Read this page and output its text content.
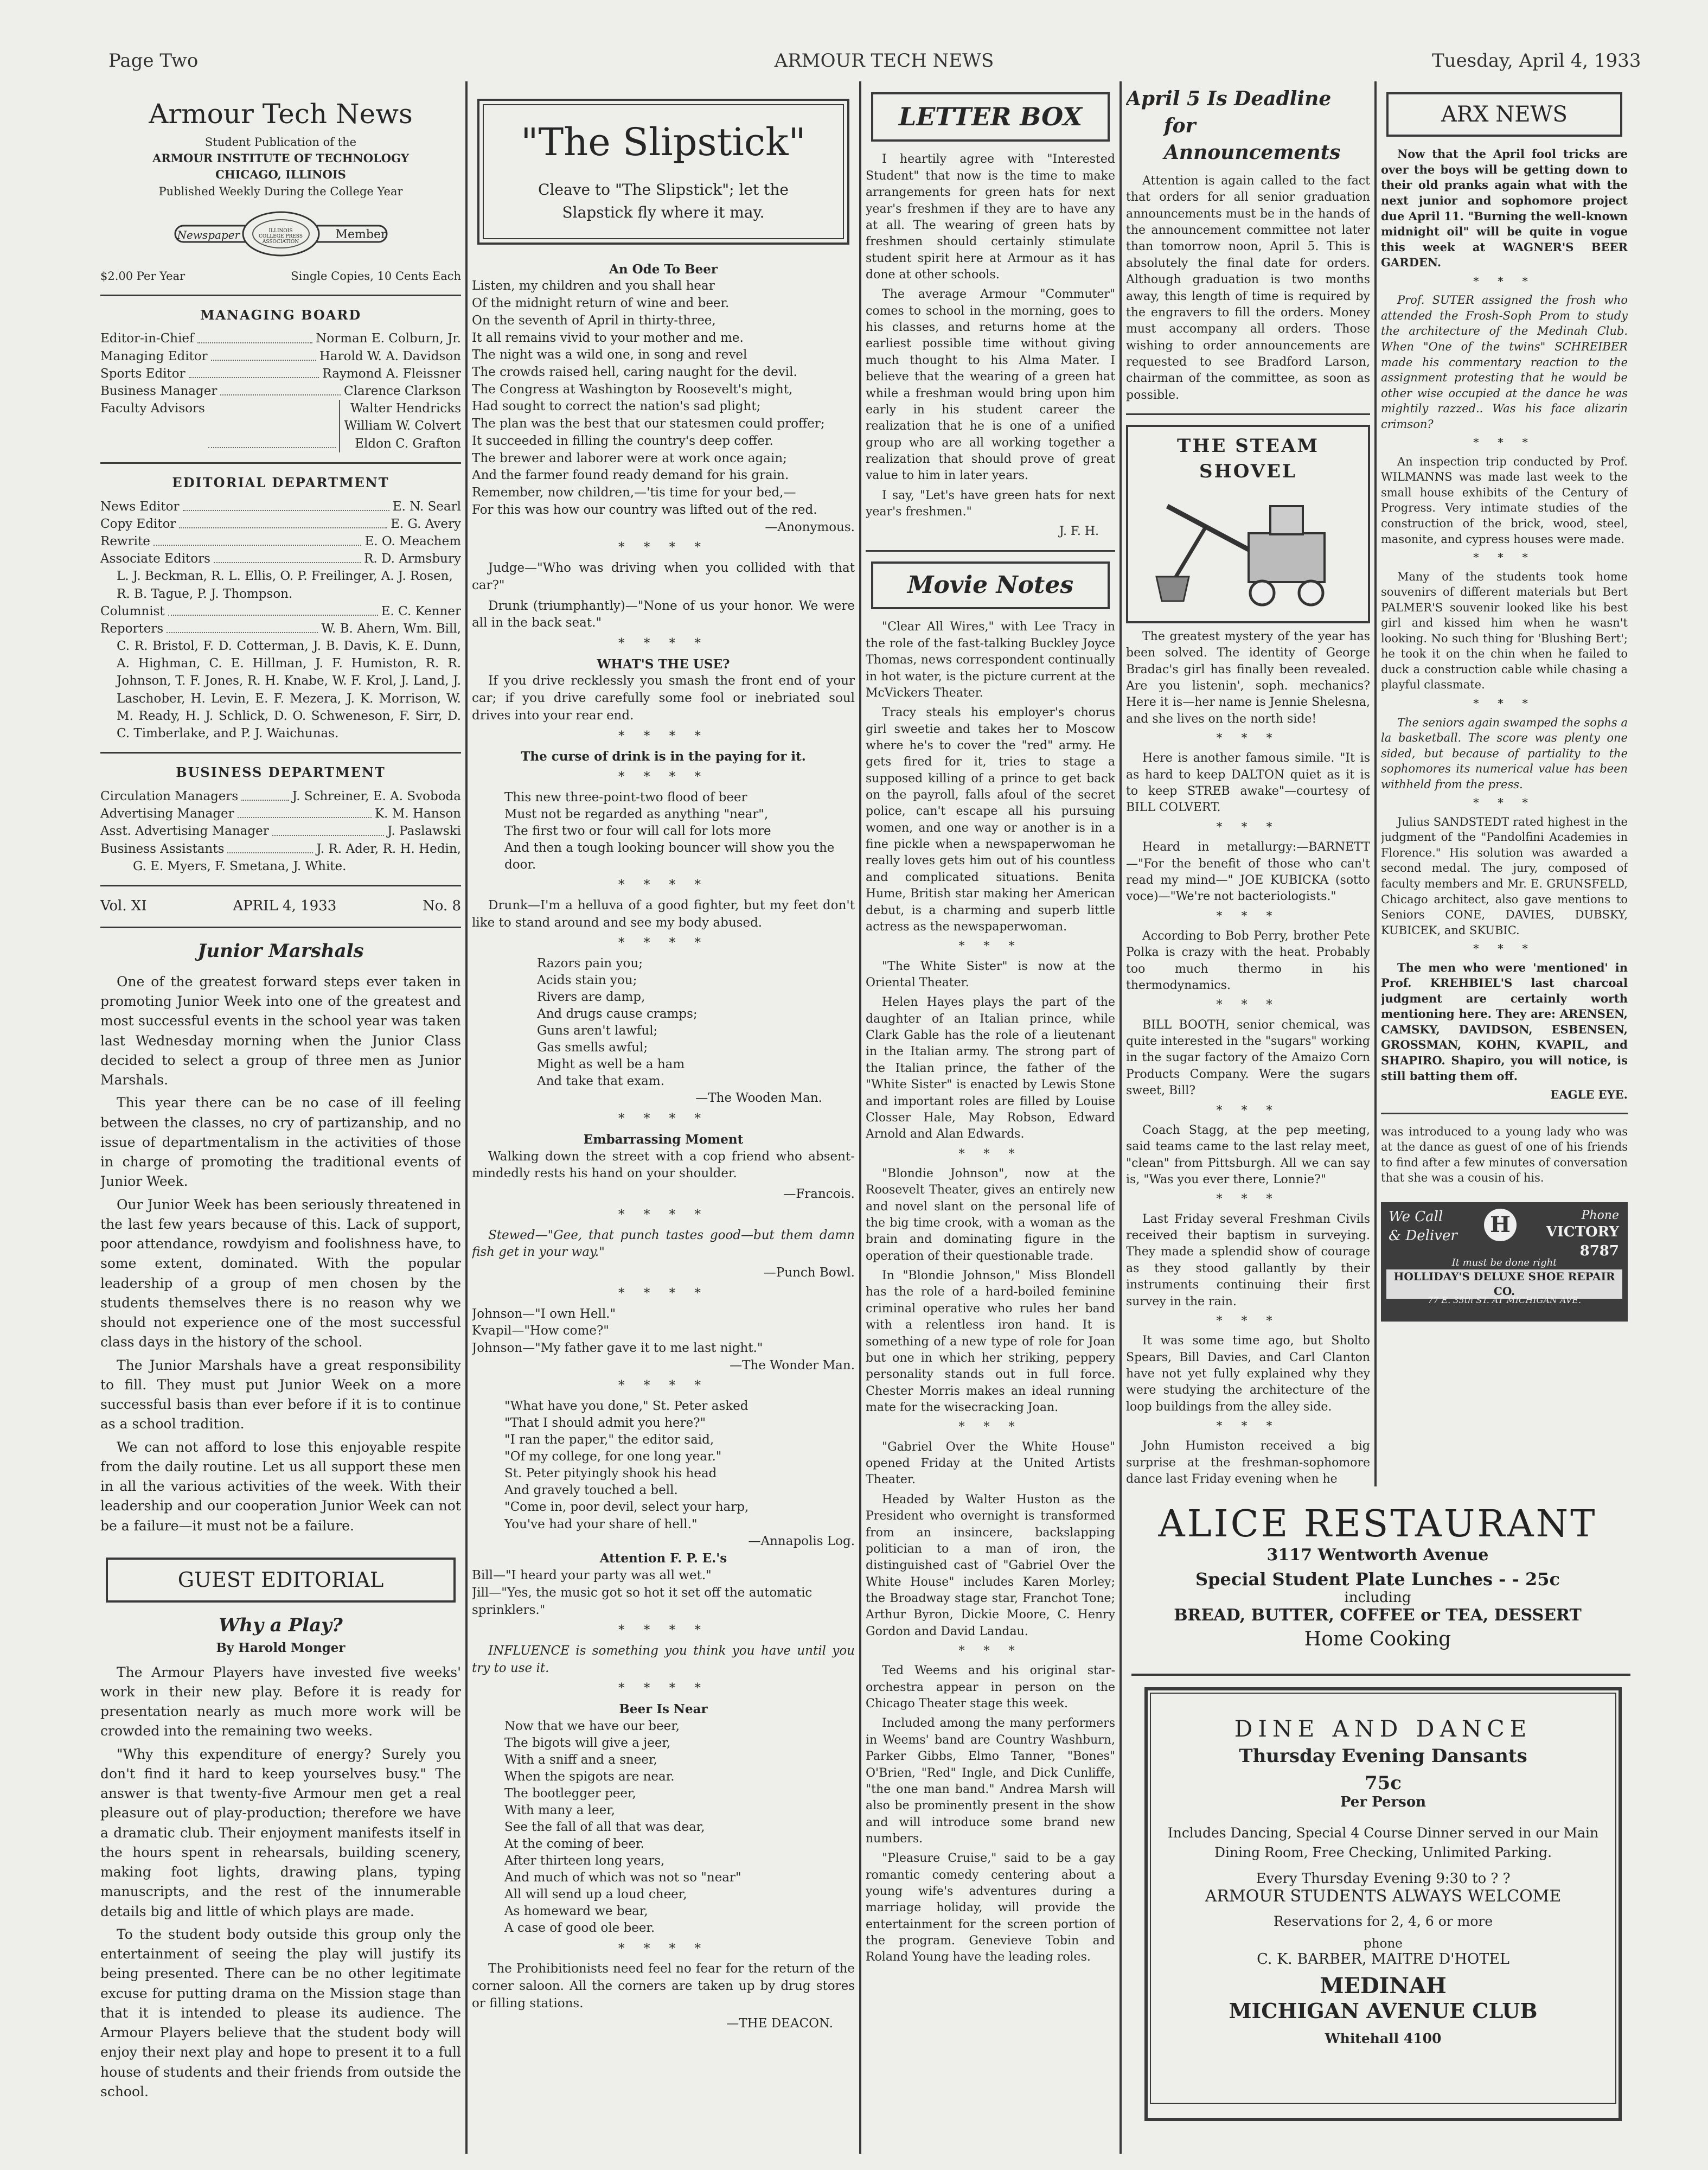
Page Two	ARMOUR TECH NEWS	Tuesday, April 4, 1933
Armour Tech News
Student Publication of the
ARMOUR INSTITUTE OF TECHNOLOGY
CHICAGO, ILLINOIS
Published Weekly During the College Year
Newspaper	Member
ILLINOIS COLLEGE PRESS ASSOCIATION
$2.00 Per Year	Single Copies, 10 Cents Each
MANAGING BOARD
Editor-in-Chief	Norman E. Colburn, Jr.
Managing Editor	Harold W. A. Davidson
Sports Editor	Raymond A. Fleissner
Business Manager	Clarence Clarkson
Faculty Advisors	Walter Hendricks
William W. Colvert
Eldon C. Grafton
EDITORIAL DEPARTMENT
News Editor	E. N. Searl
Copy Editor	E. G. Avery
Rewrite	E. O. Meachem
Associate Editors	R. D. Armsbury
L. J. Beckman, R. L. Ellis, O. P. Freilinger, A. J. Rosen, R. B. Tague, P. J. Thompson.
Columnist	E. C. Kenner
Reporters	W. B. Ahern, Wm. Bill,
C. R. Bristol, F. D. Cotterman, J. B. Davis, K. E. Dunn, A. Highman, C. E. Hillman, J. F. Humiston, R. R. Johnson, T. F. Jones, R. H. Knabe, W. F. Krol, J. Land, J. Laschober, H. Levin, E. F. Mezera, J. K. Morrison, W. M. Ready, H. J. Schlick, D. O. Schweneson, F. Sirr, D. C. Timberlake, and P. J. Waichunas.
BUSINESS DEPARTMENT
Circulation Managers	J. Schreiner, E. A. Svoboda
Advertising Manager	K. M. Hanson
Asst. Advertising Manager	J. Paslawski
Business Assistants	J. R. Ader, R. H. Hedin,
G. E. Myers, F. Smetana, J. White.
Vol. XI	APRIL 4, 1933	No. 8
Junior Marshals
One of the greatest forward steps ever taken in promoting Junior Week into one of the greatest and most successful events in the school year was taken last Wednesday morning when the Junior Class decided to select a group of three men as Junior Marshals.
This year there can be no case of ill feeling between the classes, no cry of partizanship, and no issue of departmentalism in the activities of those in charge of promoting the traditional events of Junior Week.
Our Junior Week has been seriously threatened in the last few years because of this. Lack of support, poor attendance, rowdyism and foolishness have, to some extent, dominated. With the popular leadership of a group of men chosen by the students themselves there is no reason why we should not experience one of the most successful class days in the history of the school.
The Junior Marshals have a great responsibility to fill. They must put Junior Week on a more successful basis than ever before if it is to continue as a school tradition.
We can not afford to lose this enjoyable respite from the daily routine. Let us all support these men in all the various activities of the week. With their leadership and our cooperation Junior Week can not be a failure—it must not be a failure.
GUEST EDITORIAL
Why a Play?
By Harold Monger
The Armour Players have invested five weeks' work in their new play. Before it is ready for presentation nearly as much more work will be crowded into the remaining two weeks.
"Why this expenditure of energy? Surely you don't find it hard to keep yourselves busy." The answer is that twenty-five Armour men get a real pleasure out of play-production; therefore we have a dramatic club. Their enjoyment manifests itself in the hours spent in rehearsals, building scenery, making foot lights, drawing plans, typing manuscripts, and the rest of the innumerable details big and little of which plays are made.
To the student body outside this group only the entertainment of seeing the play will justify its being presented. There can be no other legitimate excuse for putting drama on the Mission stage than that it is intended to please its audience. The Armour Players believe that the student body will enjoy their next play and hope to present it to a full house of students and their friends from outside the school.
"The Slipstick"
Cleave to "The Slipstick"; let the Slapstick fly where it may.
An Ode To Beer
Listen, my children and you shall hear
Of the midnight return of wine and beer.
On the seventh of April in thirty-three,
It all remains vivid to your mother and me.
The night was a wild one, in song and revel
The crowds raised hell, caring naught for the devil.
The Congress at Washington by Roosevelt's might,
Had sought to correct the nation's sad plight;
The plan was the best that our statesmen could proffer;
It succeeded in filling the country's deep coffer.
The brewer and laborer were at work once again;
And the farmer found ready demand for his grain.
Remember, now children,—'tis time for your bed,—
For this was how our country was lifted out of the red.
—Anonymous.
* * * *
Judge—"Who was driving when you collided with that car?"
Drunk (triumphantly)—"None of us your honor. We were all in the back seat."
* * * *
WHAT'S THE USE?
If you drive recklessly you smash the front end of your car; if you drive carefully some fool or inebriated soul drives into your rear end.
* * * *
The curse of drink is in the paying for it.
* * * *
This new three-point-two flood of beer
Must not be regarded as anything "near",
The first two or four will call for lots more
And then a tough looking bouncer will show you the door.
* * * *
Drunk—I'm a helluva of a good fighter, but my feet don't like to stand around and see my body abused.
* * * *
Razors pain you;
Acids stain you;
Rivers are damp,
And drugs cause cramps;
Guns aren't lawful;
Gas smells awful;
Might as well be a ham
And take that exam.
—The Wooden Man.
* * * *
Embarrassing Moment
Walking down the street with a cop friend who absent-mindedly rests his hand on your shoulder.
—Francois.
* * * *
Stewed—"Gee, that punch tastes good—but them damn fish get in your way."
—Punch Bowl.
* * * *
Johnson—"I own Hell."
Kvapil—"How come?"
Johnson—"My father gave it to me last night."
—The Wonder Man.
* * * *
"What have you done," St. Peter asked
"That I should admit you here?"
"I ran the paper," the editor said,
"Of my college, for one long year."
St. Peter pityingly shook his head
And gravely touched a bell.
"Come in, poor devil, select your harp,
You've had your share of hell."
—Annapolis Log.
Attention F. P. E.'s
Bill—"I heard your party was all wet."
Jill—"Yes, the music got so hot it set off the automatic sprinklers."
* * * *
INFLUENCE is something you think you have until you try to use it.
* * * *
Beer Is Near
Now that we have our beer,
The bigots will give a jeer,
With a sniff and a sneer,
When the spigots are near.
The bootlegger peer,
With many a leer,
See the fall of all that was dear,
At the coming of beer.
After thirteen long years,
And much of which was not so "near"
All will send up a loud cheer,
As homeward we bear,
A case of good ole beer.
* * * *
The Prohibitionists need feel no fear for the return of the corner saloon. All the corners are taken up by drug stores or filling stations.
—THE DEACON.
LETTER BOX
I heartily agree with "Interested Student" that now is the time to make arrangements for green hats for next year's freshmen if they are to have any at all. The wearing of green hats by freshmen should certainly stimulate student spirit here at Armour as it has done at other schools.
The average Armour "Commuter" comes to school in the morning, goes to his classes, and returns home at the earliest possible time without giving much thought to his Alma Mater. I believe that the wearing of a green hat while a freshman would bring upon him early in his student career the realization that he is one of a unified group who are all working together a realization that should prove of great value to him in later years.
I say, "Let's have green hats for next year's freshmen."
J. F. H.
Movie Notes
"Clear All Wires," with Lee Tracy in the role of the fast-talking Buckley Joyce Thomas, news correspondent continually in hot water, is the picture current at the McVickers Theater.
Tracy steals his employer's chorus girl sweetie and takes her to Moscow where he's to cover the "red" army. He gets fired for it, tries to stage a supposed killing of a prince to get back on the payroll, falls afoul of the secret police, can't escape all his pursuing women, and one way or another is in a fine pickle when a newspaperwoman he really loves gets him out of his countless and complicated situations. Benita Hume, British star making her American debut, is a charming and superb little actress as the newspaperwoman.
* * *
"The White Sister" is now at the Oriental Theater.
Helen Hayes plays the part of the daughter of an Italian prince, while Clark Gable has the role of a lieutenant in the Italian army. The strong part of the Italian prince, the father of the "White Sister" is enacted by Lewis Stone and important roles are filled by Louise Closser Hale, May Robson, Edward Arnold and Alan Edwards.
* * *
"Blondie Johnson", now at the Roosevelt Theater, gives an entirely new and novel slant on the personal life of the big time crook, with a woman as the brain and dominating figure in the operation of their questionable trade.
In "Blondie Johnson," Miss Blondell has the role of a hard-boiled feminine criminal operative who rules her band with a relentless iron hand. It is something of a new type of role for Joan but one in which her striking, peppery personality stands out in full force. Chester Morris makes an ideal running mate for the wisecracking Joan.
* * *
"Gabriel Over the White House" opened Friday at the United Artists Theater.
Headed by Walter Huston as the President who overnight is transformed from an insincere, backslapping politician to a man of iron, the distinguished cast of "Gabriel Over the White House" includes Karen Morley; the Broadway stage star, Franchot Tone; Arthur Byron, Dickie Moore, C. Henry Gordon and David Landau.
* * *
Ted Weems and his original star-orchestra appear in person on the Chicago Theater stage this week.
Included among the many performers in Weems' band are Country Washburn, Parker Gibbs, Elmo Tanner, "Bones" O'Brien, "Red" Ingle, and Dick Cunliffe, "the one man band." Andrea Marsh will also be prominently present in the show and will introduce some brand new numbers.
"Pleasure Cruise," said to be a gay romantic comedy centering about a young wife's adventures during a marriage holiday, will provide the entertainment for the screen portion of the program. Genevieve Tobin and Roland Young have the leading roles.
April 5 Is Deadline
for Announcements
Attention is again called to the fact that orders for all senior graduation announcements must be in the hands of the announcement committee not later than tomorrow noon, April 5. This is absolutely the final date for orders. Although graduation is two months away, this length of time is required by the engravers to fill the orders. Money must accompany all orders. Those wishing to order announcements are requested to see Bradford Larson, chairman of the committee, as soon as possible.
THE STEAM SHOVEL
The greatest mystery of the year has been solved. The identity of George Bradac's girl has finally been revealed. Are you listenin', soph. mechanics? Here it is—her name is Jennie Shelesna, and she lives on the north side!
* * *
Here is another famous simile. "It is as hard to keep DALTON quiet as it is to keep STREB awake"—courtesy of BILL COLVERT.
* * *
Heard in metallurgy:—BARNETT—"For the benefit of those who can't read my mind—" JOE KUBICKA (sotto voce)—"We're not bacteriologists."
* * *
According to Bob Perry, brother Pete Polka is crazy with the heat. Probably too much thermo in his thermodynamics.
* * *
BILL BOOTH, senior chemical, was quite interested in the "sugars" working in the sugar factory of the Amaizo Corn Products Company. Were the sugars sweet, Bill?
* * *
Coach Stagg, at the pep meeting, said teams came to the last relay meet, "clean" from Pittsburgh. All we can say is, "Was you ever there, Lonnie?"
* * *
Last Friday several Freshman Civils received their baptism in surveying. They made a splendid show of courage as they stood gallantly by their instruments continuing their first survey in the rain.
* * *
It was some time ago, but Sholto Spears, Bill Davies, and Carl Clanton have not yet fully explained why they were studying the architecture of the loop buildings from the alley side.
* * *
John Humiston received a big surprise at the freshman-sophomore dance last Friday evening when he
ARX NEWS
Now that the April fool tricks are over the boys will be getting down to their old pranks again what with the next junior and sophomore project due April 11. "Burning the well-known midnight oil" will be quite in vogue this week at WAGNER'S BEER GARDEN.
* * *
Prof. SUTER assigned the frosh who attended the Frosh-Soph Prom to study the architecture of the Medinah Club. When "One of the twins" SCHREIBER made his commentary reaction to the assignment protesting that he would be other wise occupied at the dance he was mightily razzed.. Was his face alizarin crimson?
* * *
An inspection trip conducted by Prof. WILMANNS was made last week to the small house exhibits of the Century of Progress. Very intimate studies of the construction of the brick, wood, steel, masonite, and cypress houses were made.
* * *
Many of the students took home souvenirs of different materials but Bert PALMER'S souvenir looked like his best girl and kissed him when he wasn't looking. No such thing for 'Blushing Bert'; he took it on the chin when he failed to duck a construction cable while chasing a playful classmate.
* * *
The seniors again swamped the sophs a la basketball. The score was plenty one sided, but because of partiality to the sophomores its numerical value has been withheld from the press.
* * *
Julius SANDSTEDT rated highest in the judgment of the "Pandolfini Academies in Florence." His solution was awarded a second medal. The jury, composed of faculty members and Mr. E. GRUNSFELD, Chicago architect, also gave mentions to Seniors CONE, DAVIES, DUBSKY, KUBICEK, and SKUBIC.
* * *
The men who were 'mentioned' in Prof. KREHBIEL'S last charcoal judgment are certainly worth mentioning here. They are: ARENSEN, CAMSKY, DAVIDSON, ESBENSEN, GROSSMAN, KOHN, KVAPIL, and SHAPIRO. Shapiro, you will notice, is still batting them off.
EAGLE EYE.
was introduced to a young lady who was at the dance as guest of one of his friends to find after a few minutes of conversation that she was a cousin of his.
We Call
& Deliver	H	Phone
VICTORY 8787
It must be done right
HOLLIDAY'S DELUXE SHOE REPAIR CO.
77 E. 35th ST. AT MICHIGAN AVE.
ALICE RESTAURANT
3117 Wentworth Avenue
Special Student Plate Lunches - - 25c
including
BREAD, BUTTER, COFFEE or TEA, DESSERT
Home Cooking
DINE AND DANCE
Thursday Evening Dansants
75c
Per Person
Includes Dancing, Special 4 Course Dinner served in our Main Dining Room, Free Checking, Unlimited Parking.
Every Thursday Evening 9:30 to ? ?
ARMOUR STUDENTS ALWAYS WELCOME
Reservations for 2, 4, 6 or more
phone
C. K. BARBER, MAITRE D'HOTEL
MEDINAH
MICHIGAN AVENUE CLUB
Whitehall 4100
